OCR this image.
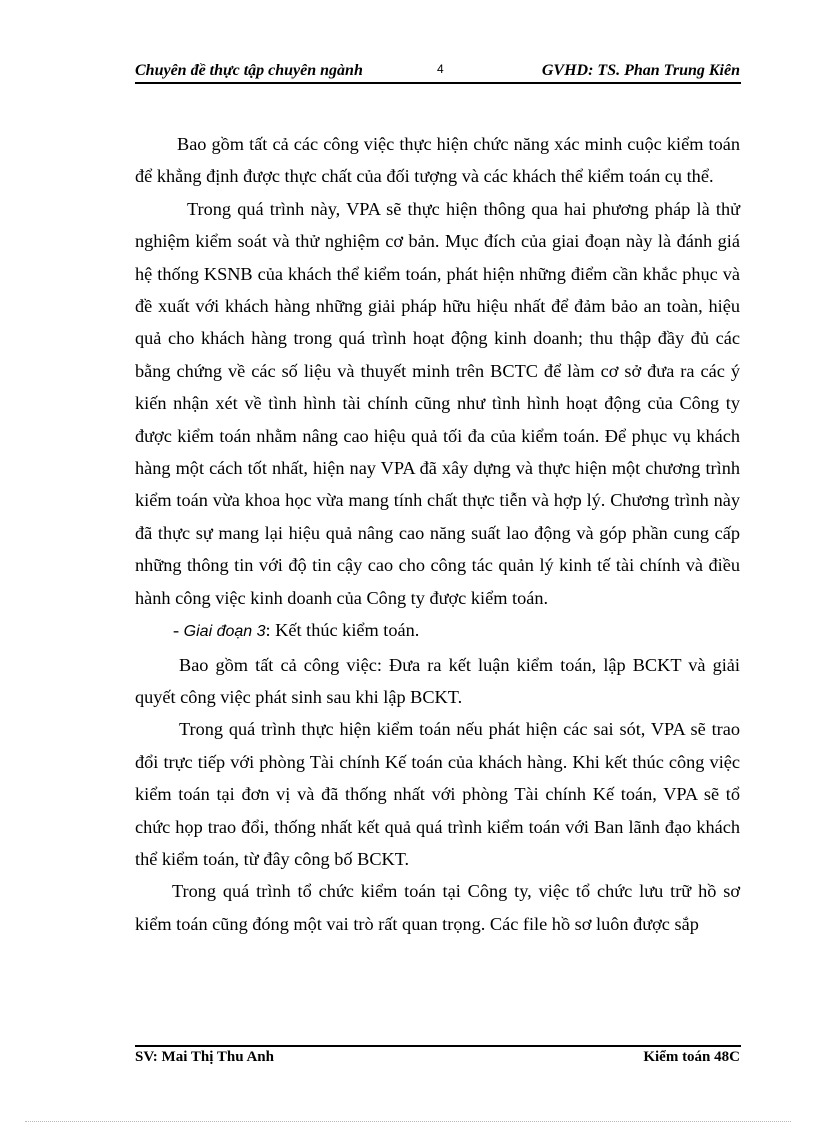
Chuyên đề thực tập chuyên ngành	4	GVHD: TS. Phan Trung Kiên

Bao gồm tất cả các công việc thực hiện chức năng xác minh cuộc kiểm toán để khẳng định được thực chất của đối tượng và các khách thể kiểm toán cụ thể.

Trong quá trình này, VPA sẽ thực hiện thông qua hai phương pháp là thử nghiệm kiểm soát và thử nghiệm cơ bản. Mục đích của giai đoạn này là đánh giá hệ thống KSNB của khách thể kiểm toán, phát hiện những điểm cần khắc phục và đề xuất với khách hàng những giải pháp hữu hiệu nhất để đảm bảo an toàn, hiệu quả cho khách hàng trong quá trình hoạt động kinh doanh; thu thập đầy đủ các bằng chứng về các số liệu và thuyết minh trên BCTC để làm cơ sở đưa ra các ý kiến nhận xét về tình hình tài chính cũng như tình hình hoạt động của Công ty được kiểm toán nhằm nâng cao hiệu quả tối đa của kiểm toán. Để phục vụ khách hàng một cách tốt nhất, hiện nay VPA đã xây dựng và thực hiện một chương trình kiểm toán vừa khoa học vừa mang tính chất thực tiễn và hợp lý. Chương trình này đã thực sự mang lại hiệu quả nâng cao năng suất lao động và góp phần cung cấp những thông tin với độ tin cậy cao cho công tác quản lý kinh tế tài chính và điều hành công việc kinh doanh của Công ty được kiểm toán.

- Giai đoạn 3: Kết thúc kiểm toán.

Bao gồm tất cả công việc: Đưa ra kết luận kiểm toán, lập BCKT và giải quyết công việc phát sinh sau khi lập BCKT.

Trong quá trình thực hiện kiểm toán nếu phát hiện các sai sót, VPA sẽ trao đổi trực tiếp với phòng Tài chính Kế toán của khách hàng. Khi kết thúc công việc kiểm toán tại đơn vị và đã thống nhất với phòng Tài chính Kế toán, VPA sẽ tổ chức họp trao đổi, thống nhất kết quả quá trình kiểm toán với Ban lãnh đạo khách thể kiểm toán, từ đây công bố BCKT.

Trong quá trình tổ chức kiểm toán tại Công ty, việc tổ chức lưu trữ hồ sơ kiểm toán cũng đóng một vai trò rất quan trọng. Các file hồ sơ luôn được sắp

SV: Mai Thị Thu Anh	Kiểm toán 48C
